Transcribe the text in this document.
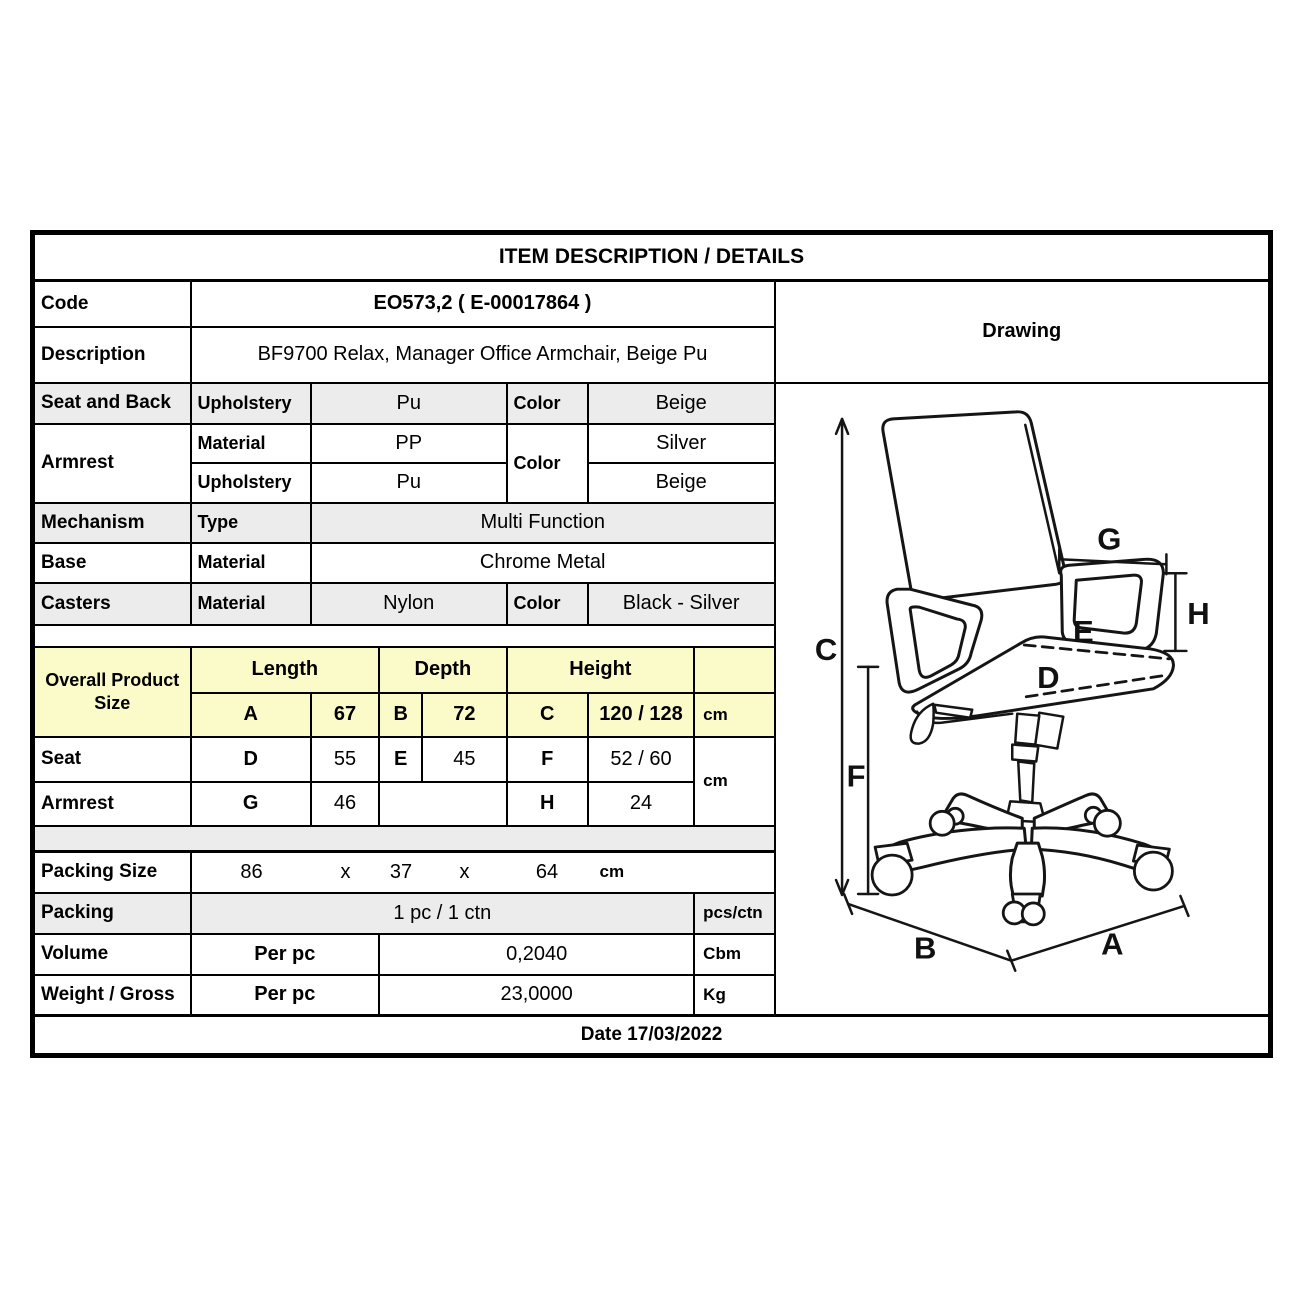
ITEM DESCRIPTION / DETAILS								
Code	EO573,2 ( E-00017864 )							Drawing
Description	BF9700 Relax, Manager Office Armchair, Beige Pu							
Seat and Back	Upholstery	Pu	Color	Beige	
C
F
G
H
E
D
B	A

Armrest	Material	PP			Color	Silver		
	Upholstery	Pu				Beige		
Mechanism	Type	Multi Function						
Base	Material	Chrome Metal						
Casters	Material	Nylon			Color	Black - Silver		

Overall Product Size	Length		Depth		Height			
	A	67	B	72	C	120 / 128	cm	
Seat	D	55	E	45	F	52 / 60	cm	
Armrest	G	46			H	24		

Packing Size	86	x	37	x	64	cm

Packing	1 pc / 1 ctn						pcs/ctn	
Volume	Per pc		0,2040				Cbm	
Weight / Gross	Per pc		23,0000				Kg	
Date 17/03/2022								
